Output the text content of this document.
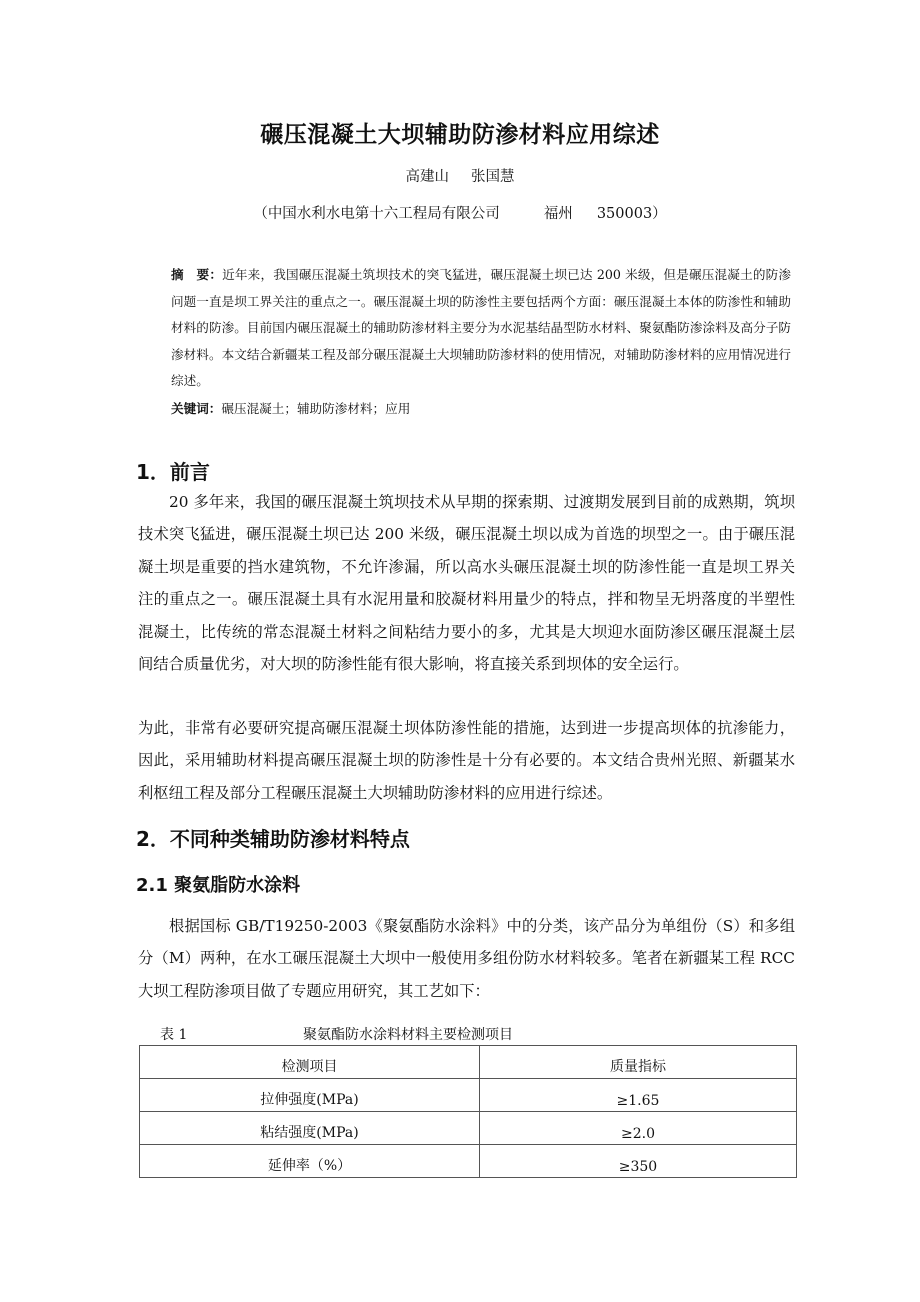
碾压混凝土大坝辅助防渗材料应用综述
高建山 张国慧
（中国水利水电第十六工程局有限公司	福州 350003）
摘　要：近年来，我国碾压混凝土筑坝技术的突飞猛进，碾压混凝土坝已达 200 米级，但是碾压混凝土的防渗问题一直是坝工界关注的重点之一。碾压混凝土坝的防渗性主要包括两个方面：碾压混凝土本体的防渗性和辅助材料的防渗。目前国内碾压混凝土的辅助防渗材料主要分为水泥基结晶型防水材料、聚氨酯防渗涂料及高分子防渗材料。本文结合新疆某工程及部分碾压混凝土大坝辅助防渗材料的使用情况，对辅助防渗材料的应用情况进行综述。
关键词：碾压混凝土；辅助防渗材料；应用
1．前言
20 多年来，我国的碾压混凝土筑坝技术从早期的探索期、过渡期发展到目前的成熟期，筑坝技术突飞猛进，碾压混凝土坝已达 200 米级，碾压混凝土坝以成为首选的坝型之一。由于碾压混凝土坝是重要的挡水建筑物，不允许渗漏，所以高水头碾压混凝土坝的防渗性能一直是坝工界关注的重点之一。碾压混凝土具有水泥用量和胶凝材料用量少的特点，拌和物呈无坍落度的半塑性混凝土，比传统的常态混凝土材料之间粘结力要小的多，尤其是大坝迎水面防渗区碾压混凝土层间结合质量优劣，对大坝的防渗性能有很大影响，将直接关系到坝体的安全运行。
为此，非常有必要研究提高碾压混凝土坝体防渗性能的措施，达到进一步提高坝体的抗渗能力，因此，采用辅助材料提高碾压混凝土坝的防渗性是十分有必要的。本文结合贵州光照、新疆某水利枢纽工程及部分工程碾压混凝土大坝辅助防渗材料的应用进行综述。
2．不同种类辅助防渗材料特点
2.1 聚氨脂防水涂料
根据国标 GB/T19250-2003《聚氨酯防水涂料》中的分类，该产品分为单组份（S）和多组分（M）两种，在水工碾压混凝土大坝中一般使用多组份防水材料较多。笔者在新疆某工程 RCC 大坝工程防渗项目做了专题应用研究，其工艺如下：
表 1	聚氨酯防水涂料材料主要检测项目
检测项目	质量指标
拉伸强度(MPa)	≥1.65
粘结强度(MPa)	≥2.0
延伸率（%）	≥350
